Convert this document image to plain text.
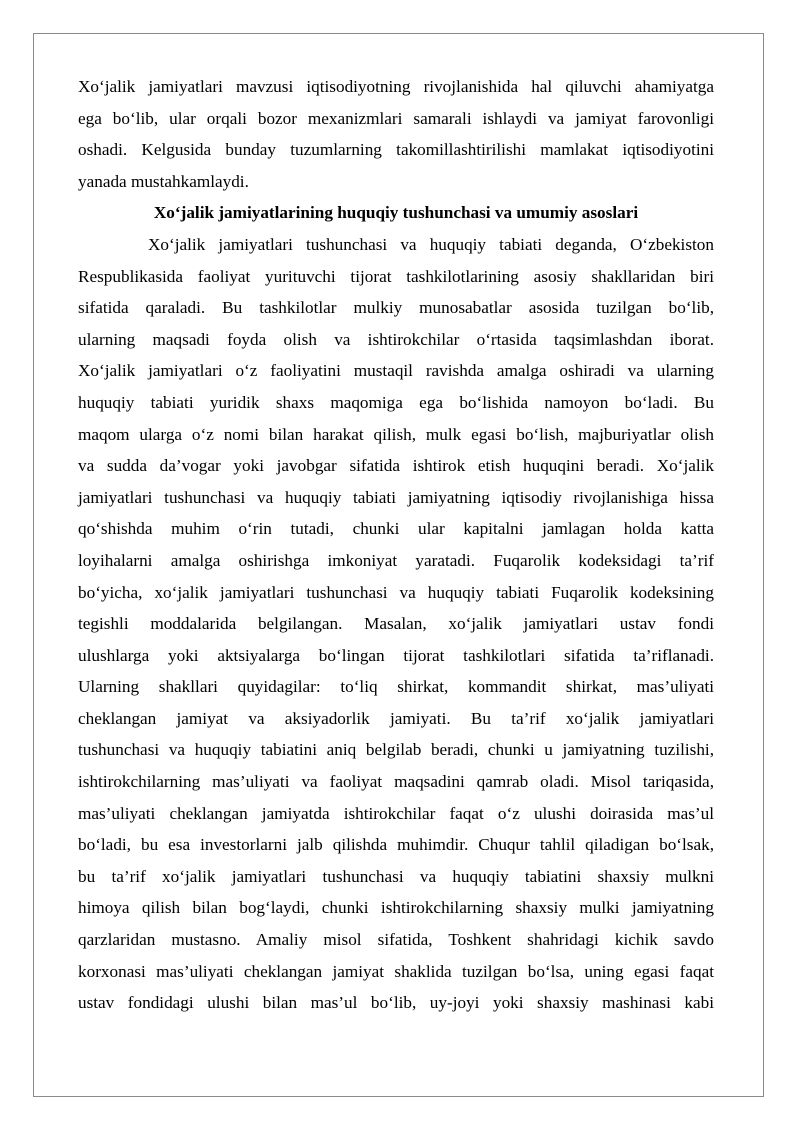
Xo‘jalik jamiyatlari mavzusi iqtisodiyotning rivojlanishida hal qiluvchi ahamiyatga
ega bo‘lib, ular orqali bozor mexanizmlari samarali ishlaydi va jamiyat farovonligi
oshadi. Kelgusida bunday tuzumlarning takomillashtirilishi mamlakat iqtisodiyotini
yanada mustahkamlaydi.
Xo‘jalik jamiyatlarining huquqiy tushunchasi va umumiy asoslari
Xo‘jalik jamiyatlari tushunchasi va huquqiy tabiati deganda, O‘zbekiston
Respublikasida faoliyat yurituvchi tijorat tashkilotlarining asosiy shakllaridan biri
sifatida qaraladi. Bu tashkilotlar mulkiy munosabatlar asosida tuzilgan bo‘lib,
ularning maqsadi foyda olish va ishtirokchilar o‘rtasida taqsimlashdan iborat.
Xo‘jalik jamiyatlari o‘z faoliyatini mustaqil ravishda amalga oshiradi va ularning
huquqiy tabiati yuridik shaxs maqomiga ega bo‘lishida namoyon bo‘ladi. Bu
maqom ularga o‘z nomi bilan harakat qilish, mulk egasi bo‘lish, majburiyatlar olish
va sudda da’vogar yoki javobgar sifatida ishtirok etish huquqini beradi. Xo‘jalik
jamiyatlari tushunchasi va huquqiy tabiati jamiyatning iqtisodiy rivojlanishiga hissa
qo‘shishda muhim o‘rin tutadi, chunki ular kapitalni jamlagan holda katta
loyihalarni amalga oshirishga imkoniyat yaratadi. Fuqarolik kodeksidagi ta’rif
bo‘yicha, xo‘jalik jamiyatlari tushunchasi va huquqiy tabiati Fuqarolik kodeksining
tegishli moddalarida belgilangan. Masalan, xo‘jalik jamiyatlari ustav fondi
ulushlarga yoki aktsiyalarga bo‘lingan tijorat tashkilotlari sifatida ta’riflanadi.
Ularning shakllari quyidagilar: to‘liq shirkat, kommandit shirkat, mas’uliyati
cheklangan jamiyat va aksiyadorlik jamiyati. Bu ta’rif xo‘jalik jamiyatlari
tushunchasi va huquqiy tabiatini aniq belgilab beradi, chunki u jamiyatning tuzilishi,
ishtirokchilarning mas’uliyati va faoliyat maqsadini qamrab oladi. Misol tariqasida,
mas’uliyati cheklangan jamiyatda ishtirokchilar faqat o‘z ulushi doirasida mas’ul
bo‘ladi, bu esa investorlarni jalb qilishda muhimdir. Chuqur tahlil qiladigan bo‘lsak,
bu ta’rif xo‘jalik jamiyatlari tushunchasi va huquqiy tabiatini shaxsiy mulkni
himoya qilish bilan bog‘laydi, chunki ishtirokchilarning shaxsiy mulki jamiyatning
qarzlaridan mustasno. Amaliy misol sifatida, Toshkent shahridagi kichik savdo
korxonasi mas’uliyati cheklangan jamiyat shaklida tuzilgan bo‘lsa, uning egasi faqat
ustav fondidagi ulushi bilan mas’ul bo‘lib, uy-joyi yoki shaxsiy mashinasi kabi
